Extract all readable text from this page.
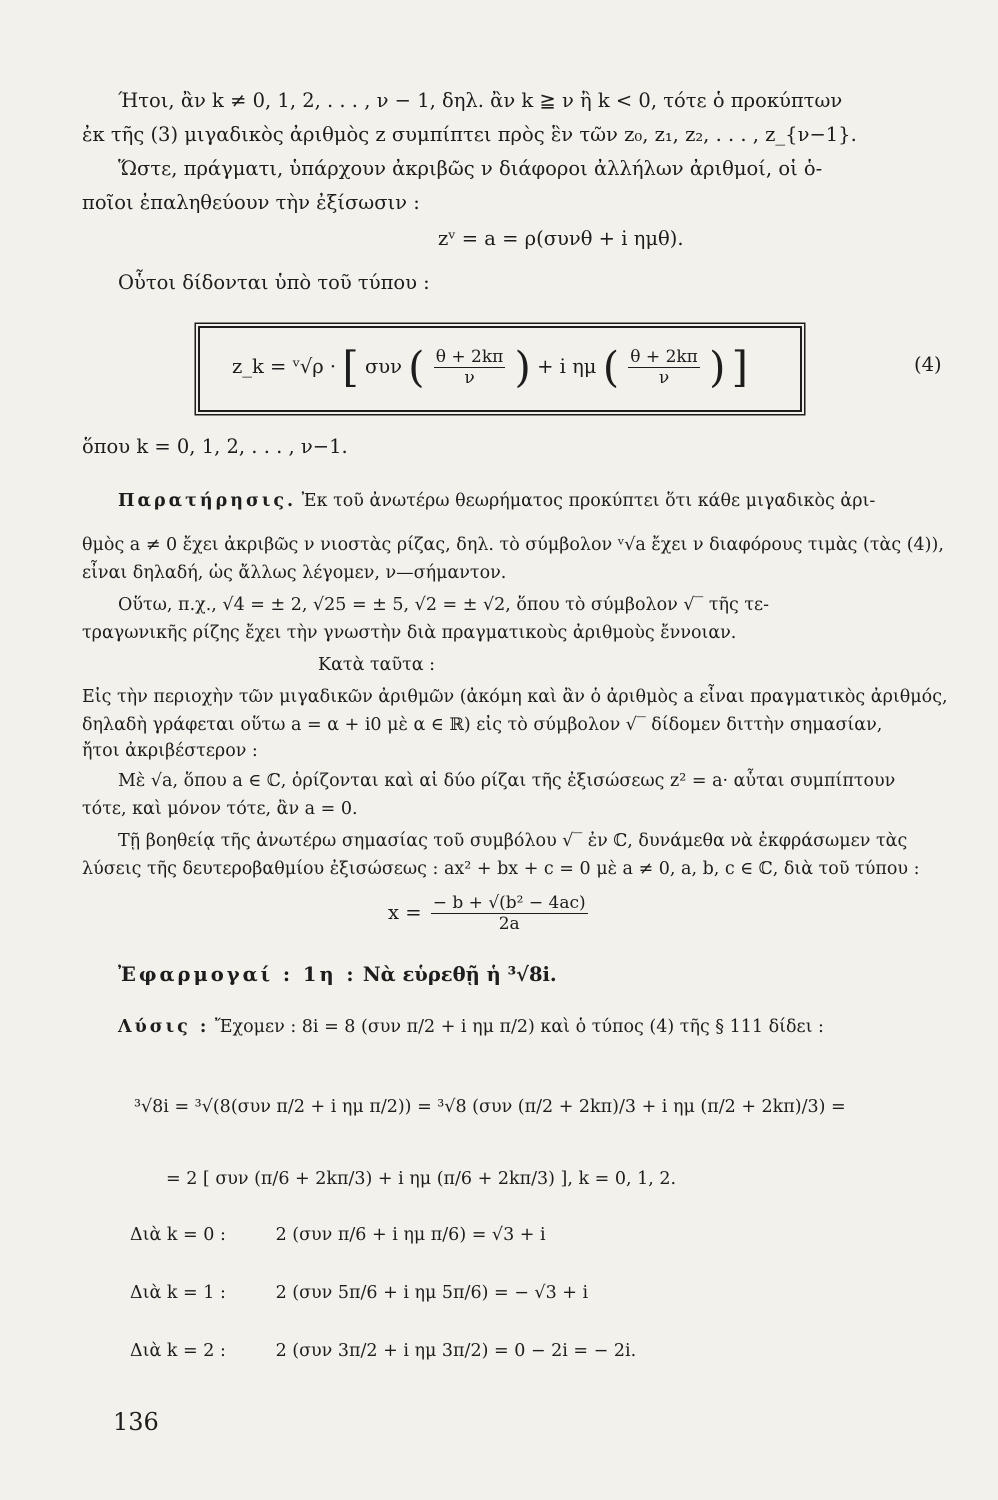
Ήτοι, ἂν k ≠ 0, 1, 2, . . . , ν − 1, δηλ. ἂν k ≧ ν ἢ k < 0, τότε ὁ προκύπτων
ἐκ τῆς (3) μιγαδικὸς ἀριθμὸς z συμπίπτει πρὸς ἓν τῶν z₀, z₁, z₂, . . . , z_{ν−1}.
Ὥστε, πράγματι, ὑπάρχουν ἀκριβῶς ν διάφοροι ἀλλήλων ἀριθμοί, οἱ ὁ-
ποῖοι ἐπαληθεύουν τὴν ἐξίσωσιν :
zᵛ = a = ρ(συνθ + i ημθ).
Οὗτοι δίδονται ὑπὸ τοῦ τύπου :
z_k = ᵛ√ρ · [ συν ( $\frac{\theta + 2k\pi}{\nu}$ ) + i ημ ( $\frac{\theta + 2k\pi}{\nu}$ ) ]	(4)
ὅπου k = 0, 1, 2, . . . , ν−1.
Παρατήρησις. Ἐκ τοῦ ἀνωτέρω θεωρήματος προκύπτει ὅτι κάθε μιγαδικὸς ἀρι-
θμὸς a ≠ 0 ἔχει ἀκριβῶς ν νιοστὰς ρίζας, δηλ. τὸ σύμβολον ᵛ√a ἔχει ν διαφόρους τιμὰς (τὰς (4)),
εἶναι δηλαδή, ὡς ἄλλως λέγομεν, ν—σήμαντον.
Οὕτω, π.χ., √4 = ± 2, √25 = ± 5, √2 = ± √2, ὅπου τὸ σύμβολον √‾ τῆς τε-
τραγωνικῆς ρίζης ἔχει τὴν γνωστὴν διὰ πραγματικοὺς ἀριθμοὺς ἔννοιαν.
Κατὰ ταῦτα :
Εἰς τὴν περιοχὴν τῶν μιγαδικῶν ἀριθμῶν (ἀκόμη καὶ ἂν ὁ ἀριθμὸς a εἶναι πραγματικὸς ἀριθμός,
δηλαδὴ γράφεται οὕτω a = α + i0 μὲ α ∈ ℝ) εἰς τὸ σύμβολον √‾ δίδομεν διττὴν σημασίαν,
ἤτοι ἀκριβέστερον :
Μὲ √a, ὅπου a ∈ ℂ, ὁρίζονται καὶ αἱ δύο ρίζαι τῆς ἐξισώσεως z² = a· αὗται συμπίπτουν
τότε, καὶ μόνον τότε, ἂν a = 0.
Τῇ βοηθείᾳ τῆς ἀνωτέρω σημασίας τοῦ συμβόλου √‾ ἐν ℂ, δυνάμεθα νὰ ἐκφράσωμεν τὰς
λύσεις τῆς δευτεροβαθμίου ἐξισώσεως : ax² + bx + c = 0 μὲ a ≠ 0, a, b, c ∈ ℂ, διὰ τοῦ τύπου :
$x = \frac{\text{− b + √(b² − 4ac)}}{2a}$
Ἐφαρμογαί : 1η : Νὰ εὑρεθῇ ἡ ³√8i.
Λύσις : Ἔχομεν : 8i = 8 (συν π/2 + i ημ π/2) καὶ ὁ τύπος (4) τῆς § 111 δίδει :
³√8i = ³√(8(συν π/2 + i ημ π/2)) = ³√8 (συν (π/2 + 2kπ)/3 + i ημ (π/2 + 2kπ)/3) =
= 2 [ συν (π/6 + 2kπ/3) + i ημ (π/6 + 2kπ/3) ], k = 0, 1, 2.
Διὰ k = 0 :	2 (συν π/6 + i ημ π/6) = √3 + i
Διὰ k = 1 :	2 (συν 5π/6 + i ημ 5π/6) = − √3 + i
Διὰ k = 2 :	2 (συν 3π/2 + i ημ 3π/2) = 0 − 2i = − 2i.
136
